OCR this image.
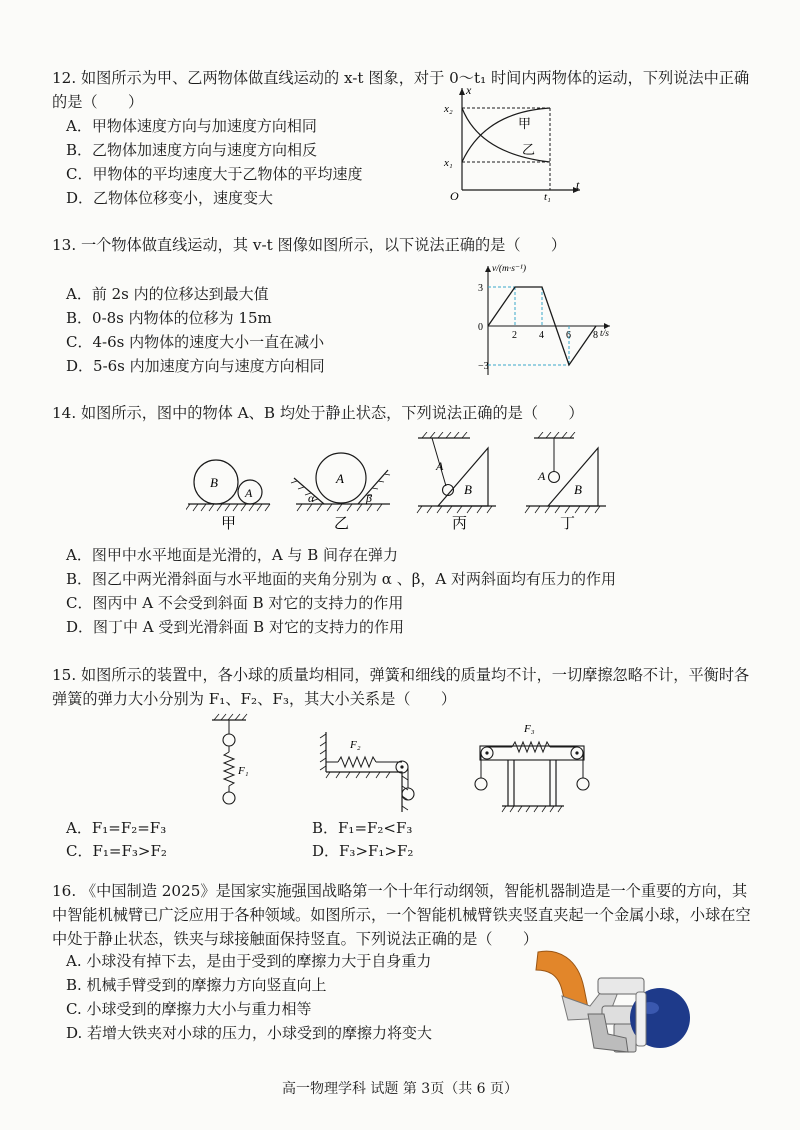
12. 如图所示为甲、乙两物体做直线运动的 x-t 图象，对于 0～t₁ 时间内两物体的运动，下列说法中正确的是（　　）
A．甲物体速度方向与加速度方向相同
B．乙物体加速度方向与速度方向相反
C．甲物体的平均速度大于乙物体的平均速度
D．乙物体位移变小，速度变大
x
t
O
x₂
x₁
t₁
甲
乙
13. 一个物体做直线运动，其 v-t 图像如图所示，以下说法正确的是（　　）
A．前 2s 内的位移达到最大值
B．0-8s 内物体的位移为 15m
C．4-6s 内物体的速度大小一直在减小
D．5-6s 内加速度方向与速度方向相同
3
0
−3
2 4 6 8
v/(m·s⁻¹)
t/s
14. 如图所示，图中的物体 A、B 均处于静止状态，下列说法正确的是（　　）
B
A
甲
A
α	β
乙
A
B
丙
A
B
丁
A．图甲中水平地面是光滑的，A 与 B 间存在弹力
B．图乙中两光滑斜面与水平地面的夹角分别为 α 、β，A 对两斜面均有压力的作用
C．图丙中 A 不会受到斜面 B 对它的支持力的作用
D．图丁中 A 受到光滑斜面 B 对它的支持力的作用
15. 如图所示的装置中，各小球的质量均相同，弹簧和细线的质量均不计，一切摩擦忽略不计，平衡时各弹簧的弹力大小分别为 F₁、F₂、F₃，其大小关系是（　　）
F₁
F₂
F₃
A．F₁=F₂=F₃	B．F₁=F₂<F₃
C．F₁=F₃>F₂	D．F₃>F₁>F₂
16. 《中国制造 2025》是国家实施强国战略第一个十年行动纲领，智能机器制造是一个重要的方向，其中智能机械臂已广泛应用于各种领域。如图所示，一个智能机械臂铁夹竖直夹起一个金属小球，小球在空中处于静止状态，铁夹与球接触面保持竖直。下列说法正确的是（　　）
A. 小球没有掉下去，是由于受到的摩擦力大于自身重力
B. 机械手臂受到的摩擦力方向竖直向上
C. 小球受到的摩擦力大小与重力相等
D. 若增大铁夹对小球的压力，小球受到的摩擦力将变大
高一物理学科 试题 第 3页（共 6 页）
